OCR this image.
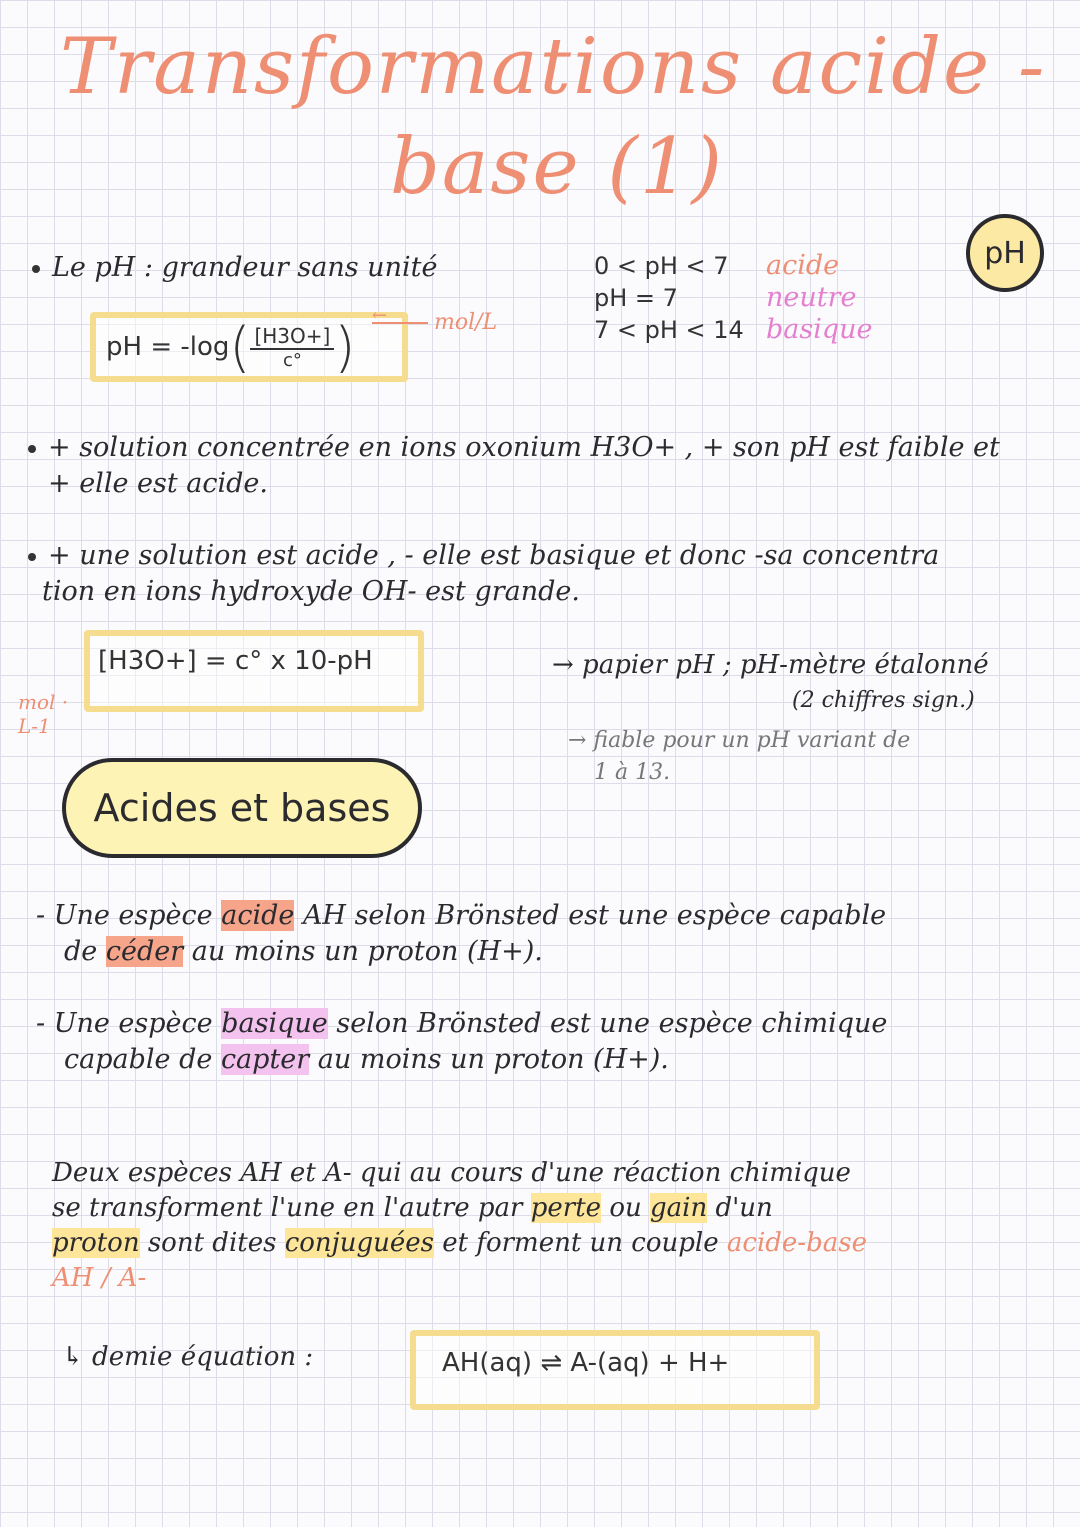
Transformations acide -
base (1)
pH
Le pH : grandeur sans unité
pH = -log ( $\frac{[H3O+]}{c^\circ}$ ) ← mol/L
0 < pH < 7	acide
pH = 7	neutre
7 < pH < 14 basique
+ solution concentrée en ions oxonium H3O+ , + son pH est faible et
+ elle est acide.
+ une solution est acide , - elle est basique et donc -sa concentra
tion en ions hydroxyde OH- est grande.
[H3O+] = c° x 10-pH
mol · L-1
→ papier pH ; pH-mètre étalonné
(2 chiffres sign.)
→ fiable pour un pH variant de
1 à 13.
Acides et bases
- Une espèce acide AH selon Brönsted est une espèce capable
de céder au moins un proton (H+).
- Une espèce basique selon Brönsted est une espèce chimique
capable de capter au moins un proton (H+).
Deux espèces AH et A- qui au cours d'une réaction chimique
se transforment l'une en l'autre par perte ou gain d'un
proton sont dites conjuguées et forment un couple acide-base
AH / A-
↳ demie équation :	AH(aq) ⇌ A-(aq) + H+
